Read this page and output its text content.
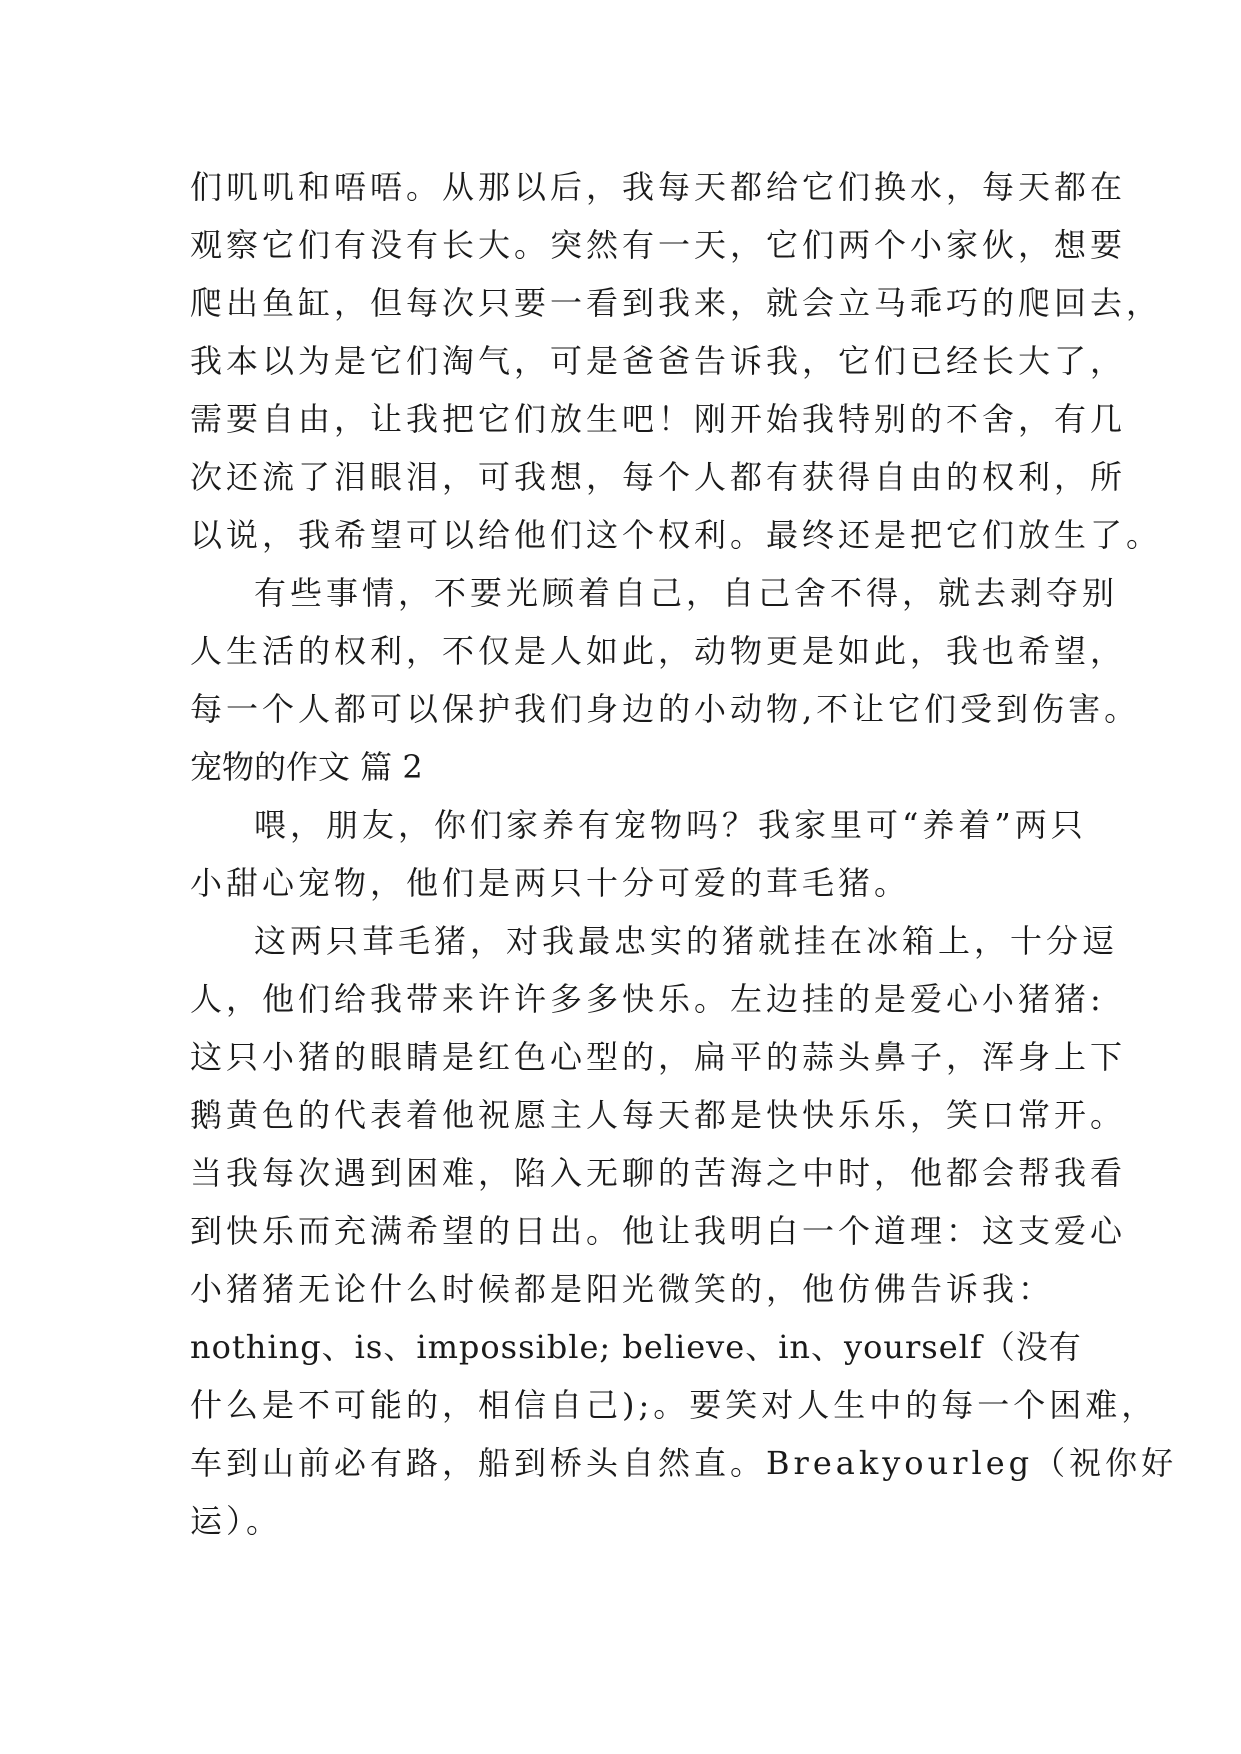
们叽叽和唔唔。从那以后，我每天都给它们换水，每天都在
观察它们有没有长大。突然有一天，它们两个小家伙，想要
爬出鱼缸，但每次只要一看到我来，就会立马乖巧的爬回去，
我本以为是它们淘气，可是爸爸告诉我，它们已经长大了，
需要自由，让我把它们放生吧！刚开始我特别的不舍，有几
次还流了泪眼泪，可我想，每个人都有获得自由的权利，所
以说，我希望可以给他们这个权利。最终还是把它们放生了。
有些事情，不要光顾着自己，自己舍不得，就去剥夺别
人生活的权利，不仅是人如此，动物更是如此，我也希望，
每一个人都可以保护我们身边的小动物,不让它们受到伤害。
宠物的作文 篇 2
喂，朋友，你们家养有宠物吗？我家里可“养着”两只
小甜心宠物，他们是两只十分可爱的茸毛猪。
这两只茸毛猪，对我最忠实的猪就挂在冰箱上，十分逗
人，他们给我带来许许多多快乐。左边挂的是爱心小猪猪:
这只小猪的眼睛是红色心型的，扁平的蒜头鼻子，浑身上下
鹅黄色的代表着他祝愿主人每天都是快快乐乐，笑口常开。
当我每次遇到困难，陷入无聊的苦海之中时，他都会帮我看
到快乐而充满希望的日出。他让我明白一个道理：这支爱心
小猪猪无论什么时候都是阳光微笑的，他仿佛告诉我：
nothing、is、impossible; believe、in、yourself（没有
什么是不可能的，相信自己);。要笑对人生中的每一个困难，
车到山前必有路，船到桥头自然直。Breakyourleg（祝你好
运）。
